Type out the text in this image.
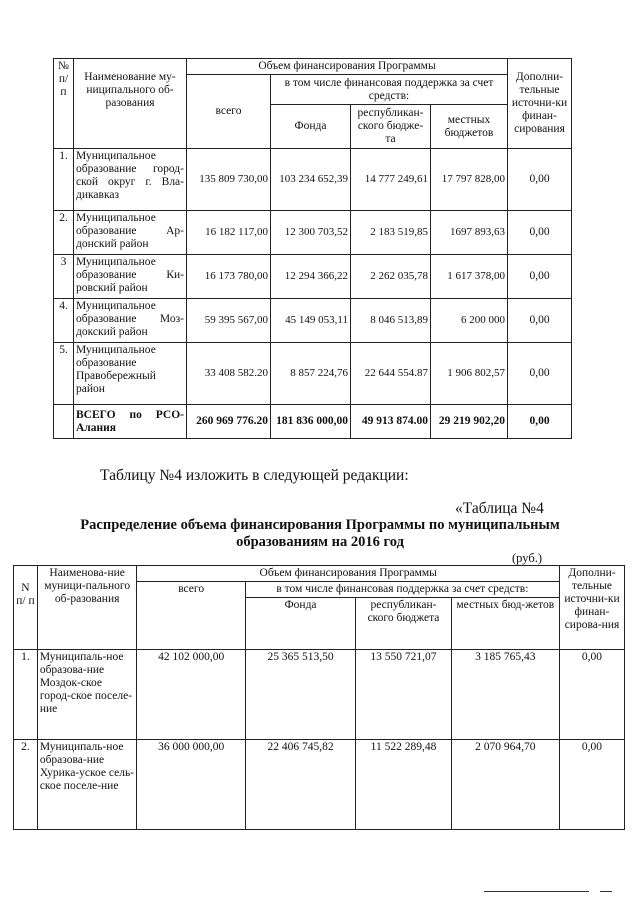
№ п/п	Наименование му-ниципального об-разования	Объем финансирования Программы				Дополни-тельные источни-ки финан-сирования
		всего	в том числе финансовая поддержка за счет средств:			
			Фонда	республикан-ского бюдже-та	местных бюджетов	
1.	Муниципальное образование город-ской округ г. Вла-дикавказ	135 809 730,00	103 234 652,39	14 777 249,61	17 797 828,00	0,00
2.	Муниципальное образование Ар-донский район	16 182 117,00	12 300 703,52	2 183 519,85	1697 893,63	0,00
3	Муниципальное образование Ки-ровский район	16 173 780,00	12 294 366,22	2 262 035,78	1 617 378,00	0,00
4.	Муниципальное образование Моз-докский район	59 395 567,00	45 149 053,11	8 046 513,89	6 200 000	0,00
5.	Муниципальное образование Правобережный район	33 408 582.20	8 857 224,76	22 644 554.87	1 906 802,57	0,00
	ВСЕГО по РСО-Алания	260 969 776.20	181 836 000,00	49 913 874.00	29 219 902,20	0,00
Таблицу №4 изложить в следующей редакции:
«Таблица №4
Распределение объема финансирования Программы по муниципальным образованиям на 2016 год
(руб.)
N п/ п	Наименова-ние муници-пального об-разования	Объем финансирования Программы				Дополни-тельные источни-ки финан-сирова-ния
		всего	в том числе финансовая поддержка за счет средств:			
			Фонда	республикан-ского бюджета	местных бюд-жетов	
1.	Муниципаль-ное образова-ние Моздок-ское город-ское поселе-ние	42 102 000,00	25 365 513,50	13 550 721,07	3 185 765,43	0,00
2.	Муниципаль-ное образова-ние Хурика-уское сель-ское поселе-ние	36 000 000,00	22 406 745,82	11 522 289,48	2 070 964,70	0,00
